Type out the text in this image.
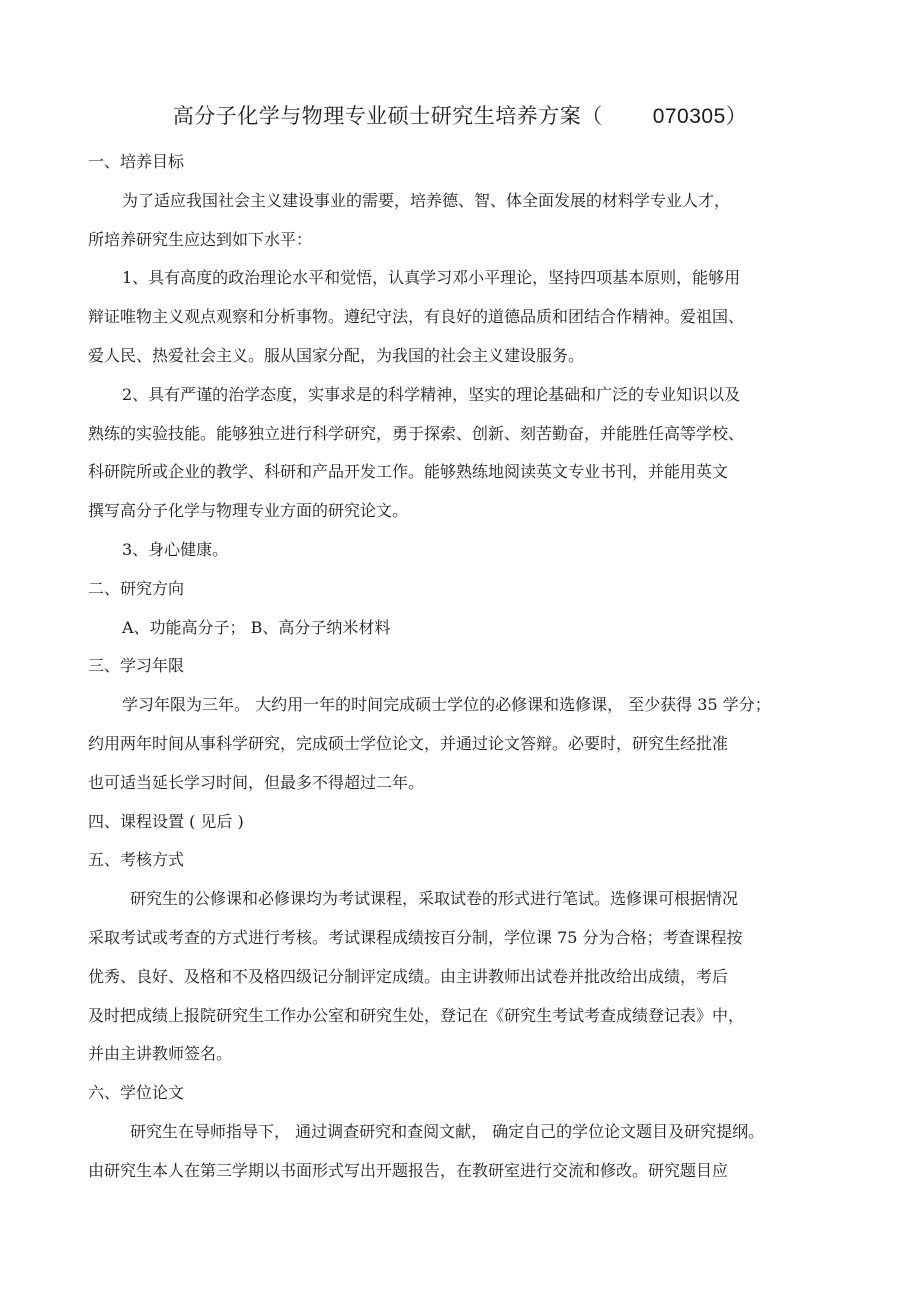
高分子化学与物理专业硕士研究生培养方案（ 070305）
一、培养目标
为了适应我国社会主义建设事业的需要，培养德、智、体全面发展的材料学专业人才，
所培养研究生应达到如下水平：
1、具有高度的政治理论水平和觉悟，认真学习邓小平理论，坚持四项基本原则，能够用
辩证唯物主义观点观察和分析事物。遵纪守法，有良好的道德品质和团结合作精神。爱祖国、
爱人民、热爱社会主义。服从国家分配，为我国的社会主义建设服务。
2、具有严谨的治学态度，实事求是的科学精神，坚实的理论基础和广泛的专业知识以及
熟练的实验技能。能够独立进行科学研究，勇于探索、创新、刻苦勤奋，并能胜任高等学校、
科研院所或企业的教学、科研和产品开发工作。能够熟练地阅读英文专业书刊，并能用英文
撰写高分子化学与物理专业方面的研究论文。
3、身心健康。
二、研究方向
A、功能高分子； B、高分子纳米材料
三、学习年限
学习年限为三年。 大约用一年的时间完成硕士学位的必修课和选修课， 至少获得 35 学分；
约用两年时间从事科学研究，完成硕士学位论文，并通过论文答辩。必要时，研究生经批准
也可适当延长学习时间，但最多不得超过二年。
四、课程设置 ( 见后 )
五、考核方式
研究生的公修课和必修课均为考试课程，采取试卷的形式进行笔试。选修课可根据情况
采取考试或考查的方式进行考核。考试课程成绩按百分制，学位课 75 分为合格；考查课程按
优秀、良好、及格和不及格四级记分制评定成绩。由主讲教师出试卷并批改给出成绩，考后
及时把成绩上报院研究生工作办公室和研究生处，登记在《研究生考试考查成绩登记表》中，
并由主讲教师签名。
六、学位论文
研究生在导师指导下， 通过调查研究和查阅文献， 确定自己的学位论文题目及研究提纲。
由研究生本人在第三学期以书面形式写出开题报告，在教研室进行交流和修改。研究题目应
